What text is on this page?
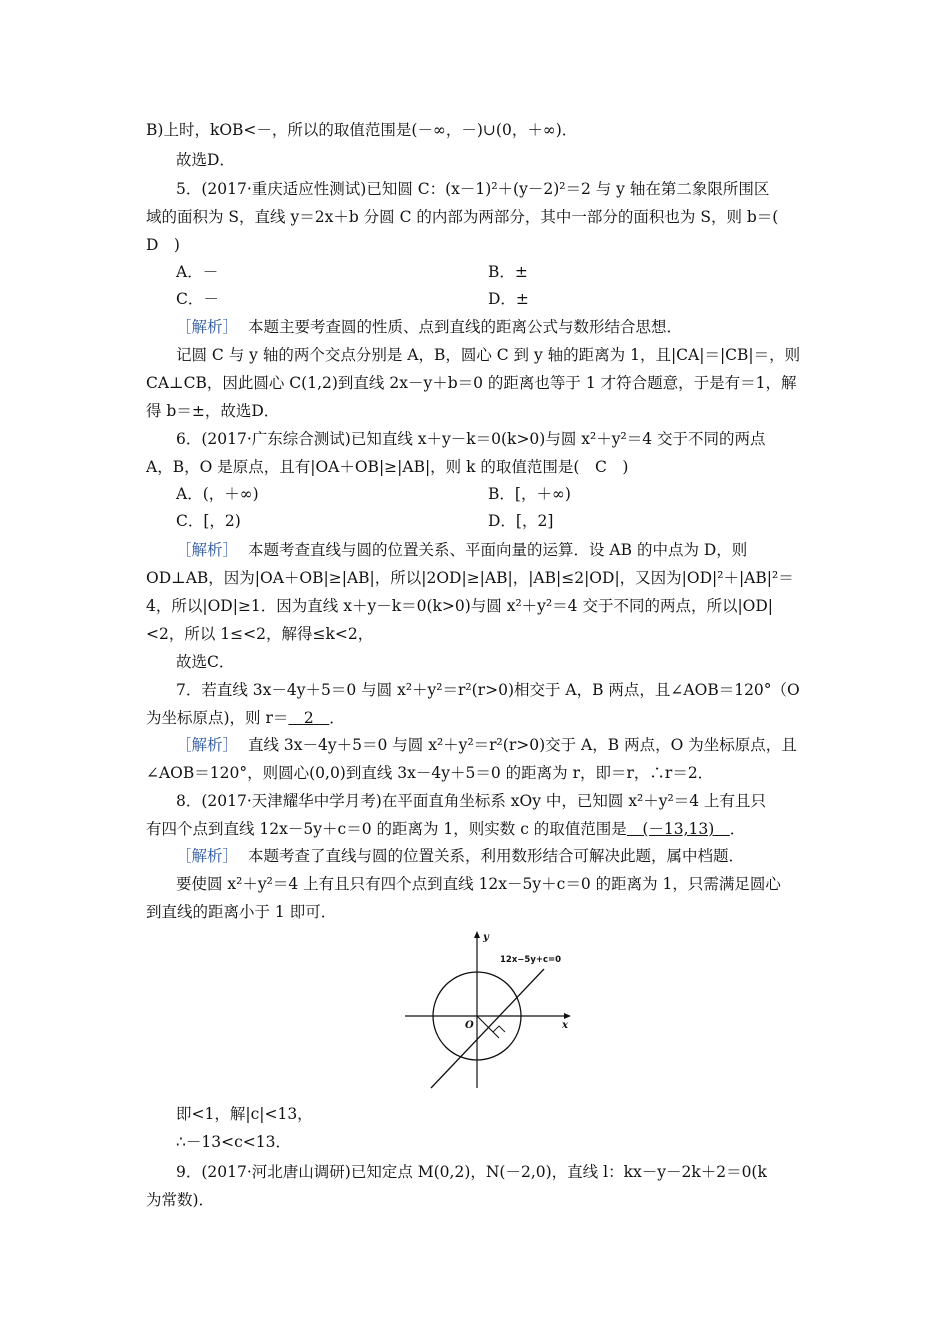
B)上时，kOB<－，所以的取值范围是(－∞，－)∪(0，＋∞)．
故选D．
5．(2017·重庆适应性测试)已知圆 C：(x－1)²＋(y－2)²＝2 与 y 轴在第二象限所围区
域的面积为 S，直线 y＝2x＋b 分圆 C 的内部为两部分，其中一部分的面积也为 S，则 b＝(
D　)
A．－	B．±
C．－	D．±
［解析］ 本题主要考查圆的性质、点到直线的距离公式与数形结合思想．
记圆 C 与 y 轴的两个交点分别是 A，B，圆心 C 到 y 轴的距离为 1，且|CA|＝|CB|＝，则
CA⊥CB，因此圆心 C(1,2)到直线 2x－y＋b＝0 的距离也等于 1 才符合题意，于是有＝1，解
得 b＝±，故选D．
6．(2017·广东综合测试)已知直线 x＋y－k＝0(k>0)与圆 x²＋y²＝4 交于不同的两点
A，B，O 是原点，且有|OA＋OB|≥|AB|，则 k 的取值范围是(　C　)
A．(，＋∞)	B．[，＋∞)
C．[，2)	D．[，2]
［解析］ 本题考查直线与圆的位置关系、平面向量的运算．设 AB 的中点为 D，则
OD⊥AB，因为|OA＋OB|≥|AB|，所以|2OD|≥|AB|，|AB|≤2|OD|，又因为|OD|²＋|AB|²＝
4，所以|OD|≥1．因为直线 x＋y－k＝0(k>0)与圆 x²＋y²＝4 交于不同的两点，所以|OD|
<2，所以 1≤<2，解得≤k<2，
故选C．
7．若直线 3x－4y＋5＝0 与圆 x²＋y²＝r²(r>0)相交于 A，B 两点，且∠AOB＝120°（O
为坐标原点)，则 r＝  2  ．
［解析］ 直线 3x－4y＋5＝0 与圆 x²＋y²＝r²(r>0)交于 A，B 两点，O 为坐标原点，且
∠AOB＝120°，则圆心(0,0)到直线 3x－4y＋5＝0 的距离为 r，即＝r，∴r＝2．
8．(2017·天津耀华中学月考)在平面直角坐标系 xOy 中，已知圆 x²＋y²＝4 上有且只
有四个点到直线 12x－5y＋c＝0 的距离为 1，则实数 c 的取值范围是  (－13,13)  ．
［解析］ 本题考查了直线与圆的位置关系，利用数形结合可解决此题，属中档题．
要使圆 x²＋y²＝4 上有且只有四个点到直线 12x－5y＋c＝0 的距离为 1，只需满足圆心
到直线的距离小于 1 即可．
y
x
O
12x−5y+c=0
即<1，解|c|<13，
∴－13<c<13．
9．(2017·河北唐山调研)已知定点 M(0,2)，N(－2,0)，直线 l：kx－y－2k＋2＝0(k
为常数)．
